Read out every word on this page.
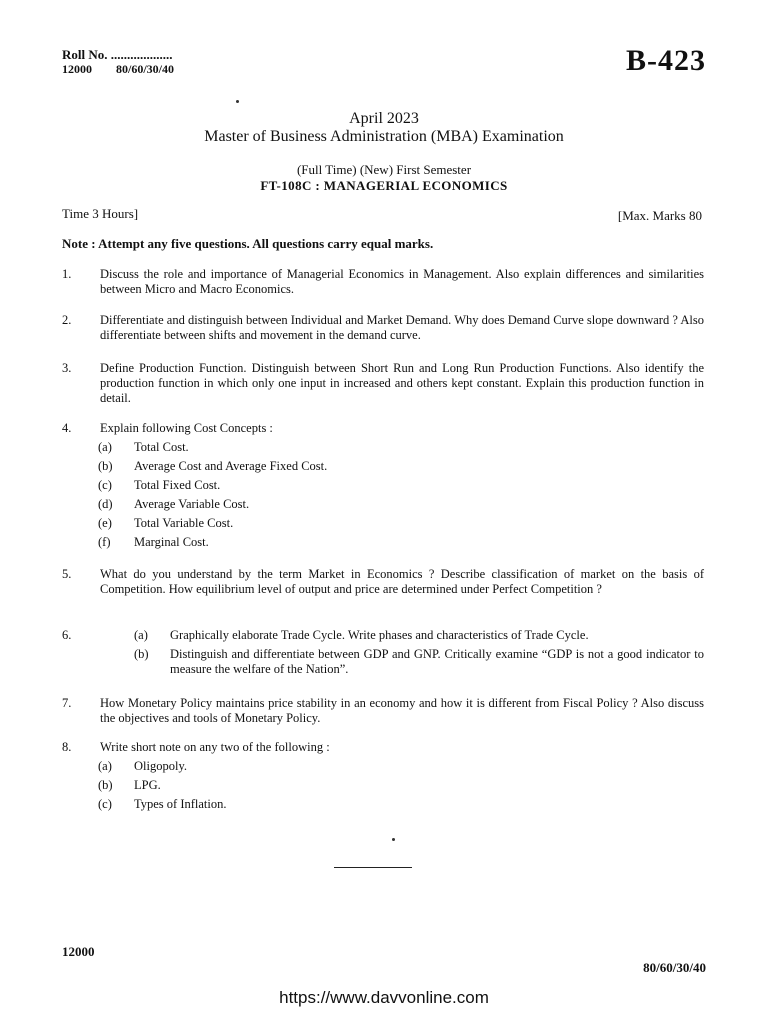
Roll No. ...................
12000 80/60/30/40	B-423
April 2023
Master of Business Administration (MBA) Examination
(Full Time) (New) First Semester
FT-108C : MANAGERIAL ECONOMICS
Time 3 Hours]	[Max. Marks 80
Note : Attempt any five questions. All questions carry equal marks.
1.	Discuss the role and importance of Managerial Economics in Management. Also explain differences and similarities between Micro and Macro Economics.
2.	Differentiate and distinguish between Individual and Market Demand. Why does Demand Curve slope downward ? Also differentiate between shifts and movement in the demand curve.
3.	Define Production Function. Distinguish between Short Run and Long Run Production Functions. Also identify the production function in which only one input in increased and others kept constant. Explain this production function in detail.
4.	Explain following Cost Concepts :
(a) Total Cost.
(b) Average Cost and Average Fixed Cost.
(c) Total Fixed Cost.
(d) Average Variable Cost.
(e) Total Variable Cost.
(f) Marginal Cost.
5.	What do you understand by the term Market in Economics ? Describe classification of market on the basis of Competition. How equilibrium level of output and price are determined under Perfect Competition ?
6.	(a) Graphically elaborate Trade Cycle. Write phases and characteristics of Trade Cycle.
(b) Distinguish and differentiate between GDP and GNP. Critically examine “GDP is not a good indicator to measure the welfare of the Nation”.
7.	How Monetary Policy maintains price stability in an economy and how it is different from Fiscal Policy ? Also discuss the objectives and tools of Monetary Policy.
8.	Write short note on any two of the following :
(a) Oligopoly.
(b) LPG.
(c) Types of Inflation.
12000
80/60/30/40
https://www.davvonline.com
